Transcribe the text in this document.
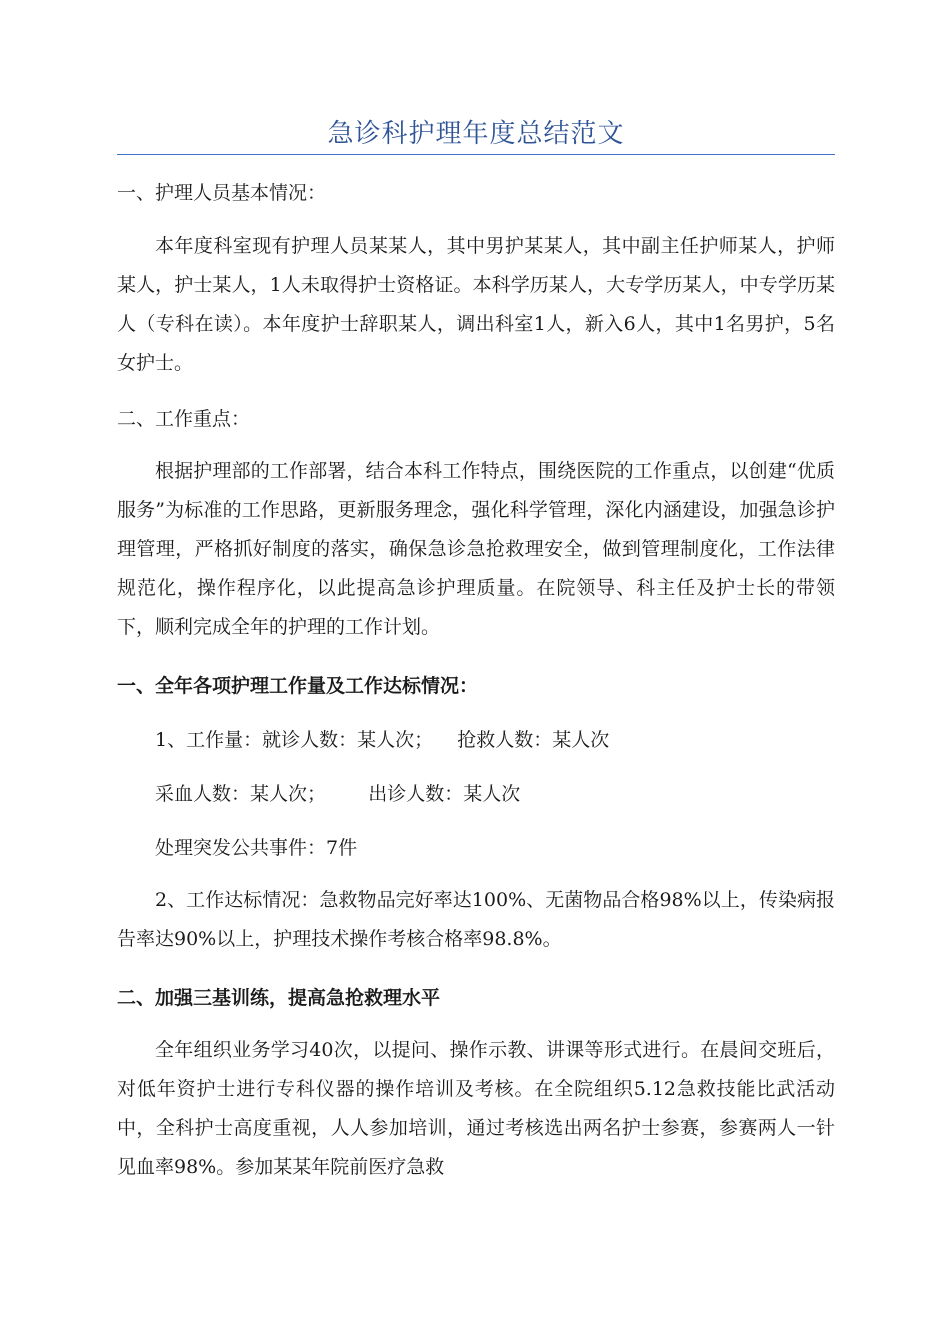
急诊科护理年度总结范文

一、护理人员基本情况：

本年度科室现有护理人员某某人，其中男护某某人，其中副主任护师某人，护师某人，护士某人，1人未取得护士资格证。本科学历某人，大专学历某人，中专学历某人（专科在读）。本年度护士辞职某人，调出科室1人，新入6人，其中1名男护，5名女护士。

二、工作重点：

根据护理部的工作部署，结合本科工作特点，围绕医院的工作重点，以创建“优质服务”为标准的工作思路，更新服务理念，强化科学管理，深化内涵建设，加强急诊护理管理，严格抓好制度的落实，确保急诊急抢救理安全，做到管理制度化，工作法律规范化，操作程序化，以此提高急诊护理质量。在院领导、科主任及护士长的带领下，顺利完成全年的护理的工作计划。

一、全年各项护理工作量及工作达标情况：

1、工作量：就诊人数：某人次；    抢救人数：某人次

采血人数：某人次；       出诊人数：某人次

处理突发公共事件：7件

2、工作达标情况：急救物品完好率达100%、无菌物品合格98%以上，传染病报告率达90%以上，护理技术操作考核合格率98.8%。

二、加强三基训练，提高急抢救理水平

全年组织业务学习40次，以提问、操作示教、讲课等形式进行。在晨间交班后，对低年资护士进行专科仪器的操作培训及考核。在全院组织5.12急救技能比武活动中，全科护士高度重视，人人参加培训，通过考核选出两名护士参赛，参赛两人一针见血率98%。参加某某年院前医疗急救
